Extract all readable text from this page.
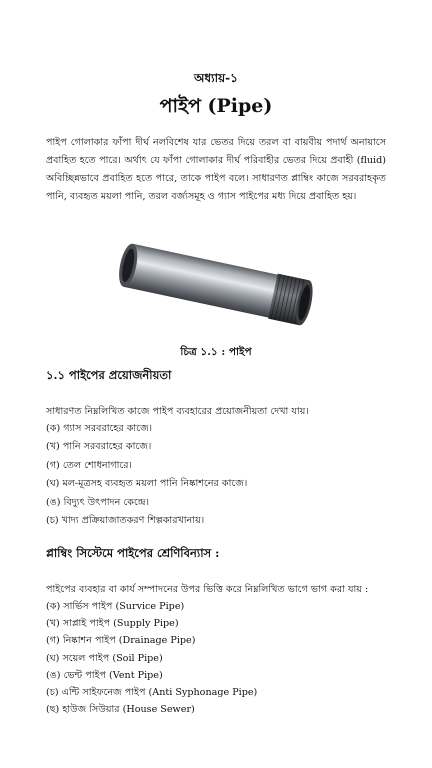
অধ্যায়-১
পাইপ (Pipe)
পাইপ গোলাকার ফাঁপা দীর্ঘ নলবিশেষ যার ভেতর দিয়ে তরল বা বায়বীয় পদার্থ অনায়াসে প্রবাহিত হতে পারে। অর্থাৎ যে ফাঁপা গোলাকার দীর্ঘ পরিবাহীর ভেতর দিয়ে প্রবাহী (fluid) অবিচ্ছিন্নভাবে প্রবাহিত হতে পারে, তাকে পাইপ বলে। সাধারণত প্লাম্বিং কাজে সরবরাহকৃত পানি, ব্যবহৃত ময়লা পানি, তরল বর্জ্যসমূহ ও গ্যাস পাইপের মধ্য দিয়ে প্রবাহিত হয়।
চিত্র ১.১ : পাইপ
১.১ পাইপের প্রয়োজনীয়তা
সাধারণত নিম্নলিখিত কাজে পাইপ ব্যবহারের প্রয়োজনীয়তা দেখা যায়।
(ক) গ্যাস সরবরাহের কাজে।
(খ) পানি সরবরাহের কাজে।
(গ) তেল শোধনাগারে।
(ঘ) মল-মূত্রসহ ব্যবহৃত ময়লা পানি নিষ্কাশনের কাজে।
(ঙ) বিদ্যুৎ উৎপাদন কেন্দ্রে।
(চ) খাদ্য প্রক্রিয়াজাতকরণ শিল্পকারখানায়।
প্লাম্বিং সিস্টেমে পাইপের শ্রেণিবিন্যাস :
পাইপের ব্যবহার বা কার্য সম্পাদনের উপর ভিত্তি করে নিম্নলিখিত ভাগে ভাগ করা যায় :
(ক) সার্ভিস পাইপ (Survice Pipe)
(খ) সাপ্লাই পাইপ (Supply Pipe)
(গ) নিষ্কাশন পাইপ (Drainage Pipe)
(ঘ) সয়েল পাইপ (Soil Pipe)
(ঙ) ভেন্ট পাইপ (Vent Pipe)
(চ) এন্টি সাইফনেজ পাইপ (Anti Syphonage Pipe)
(ছ) হাউজ সিউয়ার (House Sewer)
